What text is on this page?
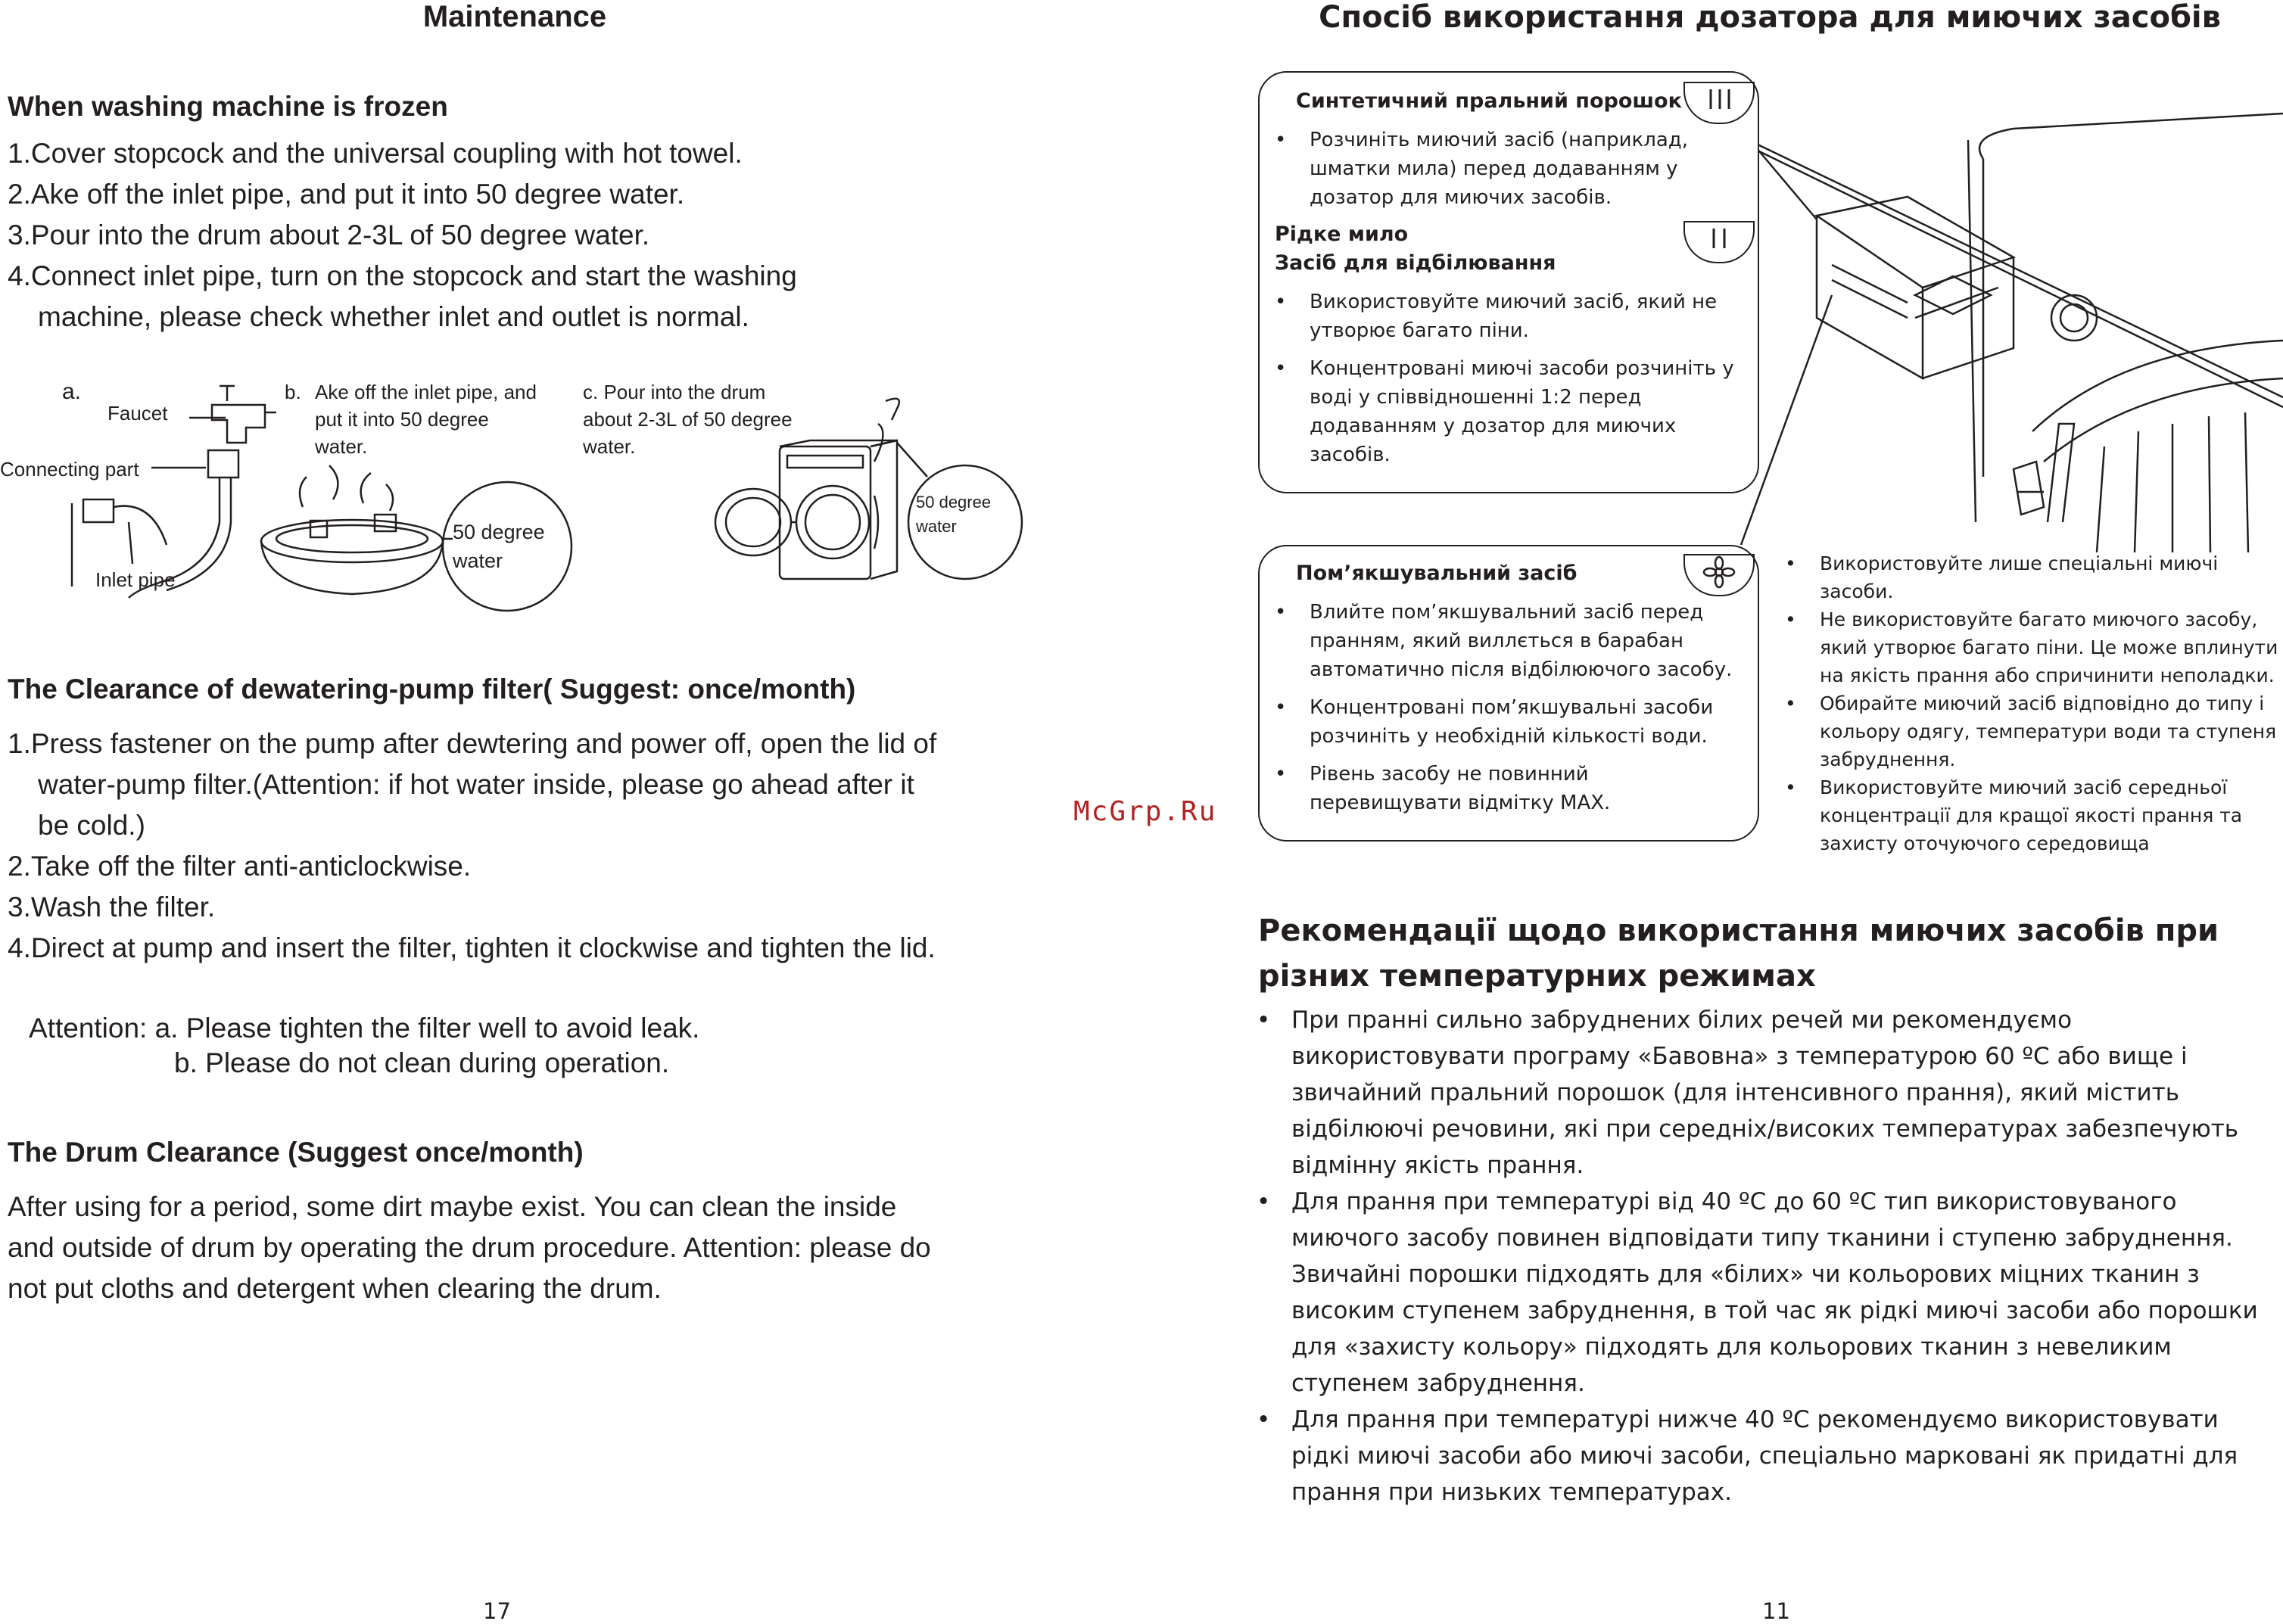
Maintenance
When washing machine is frozen
1.Cover stopcock and the universal coupling with hot towel.
2.Ake off the inlet pipe, and put it into 50 degree water.
3.Pour into the drum about 2-3L of 50 degree water.
4.Connect inlet pipe, turn on the stopcock and start the washing machine, please check whether inlet and outlet is normal.
a.
Faucet
Connecting part
Inlet pipe
b. Ake off the inlet pipe, and put it into 50 degree water.
50 degree water
c. Pour into the drum about 2-3L of 50 degree water.
50 degree water
The Clearance of dewatering-pump filter( Suggest: once/month)
1.Press fastener on the pump after dewtering and power off, open the lid of water-pump filter.(Attention: if hot water inside, please go ahead after it be cold.)
2.Take off the filter anti-anticlockwise.
3.Wash the filter.
4.Direct at pump and insert the filter, tighten it clockwise and tighten the lid.
Attention: a. Please tighten the filter well to avoid leak.
b. Please do not clean during operation.
The Drum Clearance (Suggest once/month)
After using for a period, some dirt maybe exist. You can clean the inside and outside of drum by operating the drum procedure. Attention: please do not put cloths and detergent when clearing the drum.
17
McGrp.Ru
Спосіб використання дозатора для миючих засобів
Синтетичний пральний порошок
• Розчиніть миючий засіб (наприклад, шматки мила) перед додаванням у дозатор для миючих засобів.
Рідке мило
Засіб для відбілювання
• Використовуйте миючий засіб, який не утворює багато піни.
• Концентровані миючі засоби розчиніть у воді у співвідношенні 1:2 перед додаванням у дозатор для миючих засобів.
Пом’якшувальний засіб
• Влийте пом’якшувальний засіб перед пранням, який виллється в барабан автоматично після відбілюючого засобу.
• Концентровані пом’якшувальні засоби розчиніть у необхідній кількості води.
• Рівень засобу не повинний перевищувати відмітку MAX.
• Використовуйте лише спеціальні миючі засоби.
• Не використовуйте багато миючого засобу, який утворює багато піни. Це може вплинути на якість прання або спричинити неполадки.
• Обирайте миючий засіб відповідно до типу і кольору одягу, температури води та ступеня забруднення.
• Використовуйте миючий засіб середньої концентрації для кращої якості прання та захисту оточуючого середовища
Рекомендації щодо використання миючих засобів при різних температурних режимах
• При пранні сильно забруднених білих речей ми рекомендуємо використовувати програму «Бавовна» з температурою 60 ºС або вище і звичайний пральний порошок (для інтенсивного прання), який містить відбілюючі речовини, які при середніх/високих температурах забезпечують відмінну якість прання.
• Для прання при температурі від 40 ºС до 60 ºС тип використовуваного миючого засобу повинен відповідати типу тканини і ступеню забруднення. Звичайні порошки підходять для «білих» чи кольорових міцних тканин з високим ступенем забруднення, в той час як рідкі миючі засоби або порошки для «захисту кольору» підходять для кольорових тканин з невеликим ступенем забруднення.
• Для прання при температурі нижче 40 ºС рекомендуємо використовувати рідкі миючі засоби або миючі засоби, спеціально марковані як придатні для прання при низьких температурах.
11
